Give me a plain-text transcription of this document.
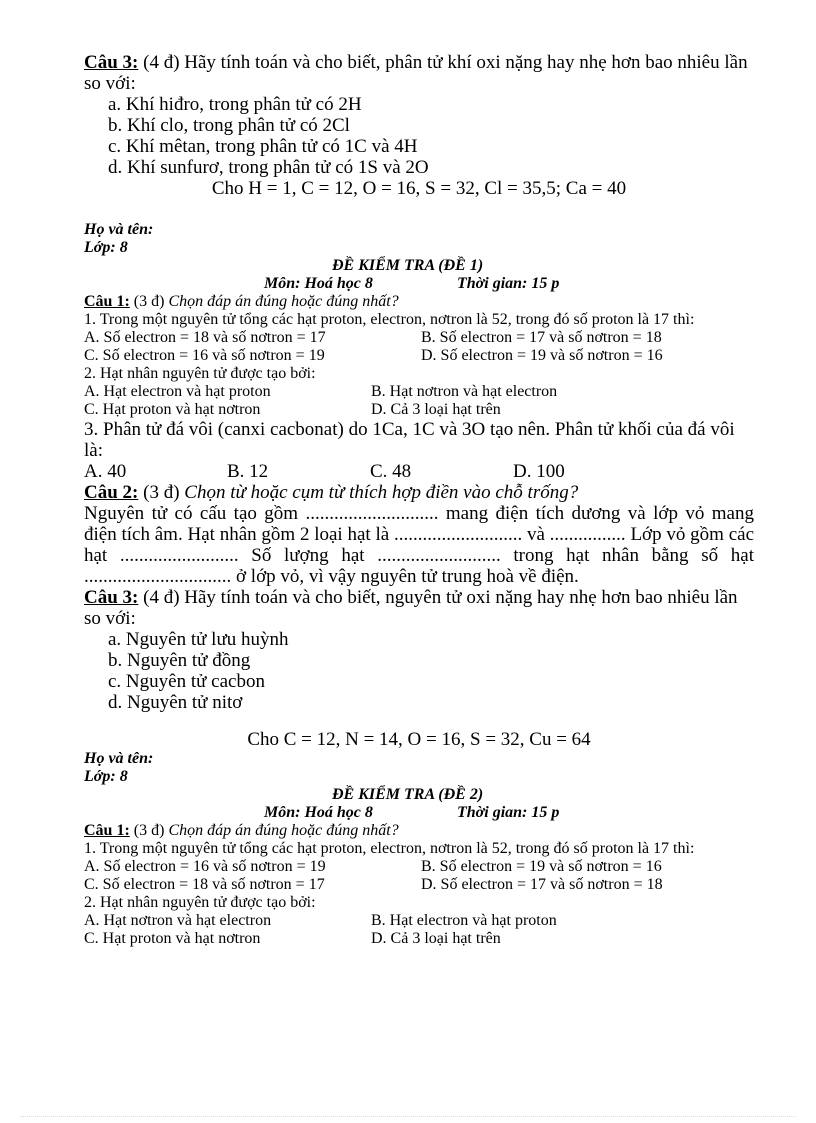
Câu 3: (4 đ) Hãy tính toán và cho biết, phân tử khí oxi nặng hay nhẹ hơn bao nhiêu lần so với:
a. Khí hiđro, trong phân tử có 2H
b. Khí clo, trong phân tử có 2Cl
c. Khí mêtan, trong phân tử có 1C và 4H
d. Khí sunfurơ, trong phân tử có 1S và 2O
Cho H = 1, C = 12, O = 16, S = 32, Cl = 35,5; Ca = 40
Họ và tên:
Lớp: 8
ĐỀ KIỂM TRA (ĐỀ 1)
Môn: Hoá học 8	Thời gian: 15 p
Câu 1: (3 đ) Chọn đáp án đúng hoặc đúng nhất?
1. Trong một nguyên tử tổng các hạt proton, electron, nơtron là 52, trong đó số proton là 17 thì:
A. Số electron = 18 và số nơtron = 17	B. Số electron = 17 và số nơtron = 18
C. Số electron = 16 và số nơtron = 19	D. Số electron = 19 và số nơtron = 16
2. Hạt nhân nguyên tử được tạo bởi:
A. Hạt electron và hạt proton	B. Hạt nơtron và hạt electron
C. Hạt proton và hạt nơtron	D. Cả 3 loại hạt trên
3. Phân tử đá vôi (canxi cacbonat) do 1Ca, 1C và 3O tạo nên. Phân tử khối của đá vôi là:
A. 40	B. 12	C. 48	D. 100
Câu 2: (3 đ) Chọn từ hoặc cụm từ thích hợp điền vào chỗ trống?
Nguyên tử có cấu tạo gồm ............................ mang điện tích dương và lớp vỏ mang điện tích âm. Hạt nhân gồm 2 loại hạt là ........................... và ................ Lớp vỏ gồm các hạt ......................... Số lượng hạt .......................... trong hạt nhân bằng số hạt ............................... ở lớp vỏ, vì vậy nguyên tử trung hoà về điện.
Câu 3: (4 đ) Hãy tính toán và cho biết, nguyên tử oxi nặng hay nhẹ hơn bao nhiêu lần so với:
a. Nguyên tử lưu huỳnh
b. Nguyên tử đồng
c. Nguyên tử cacbon
d. Nguyên tử nitơ
Cho C = 12, N = 14, O = 16, S = 32, Cu = 64
Họ và tên:
Lớp: 8
ĐỀ KIỂM TRA (ĐỀ 2)
Môn: Hoá học 8	Thời gian: 15 p
Câu 1: (3 đ) Chọn đáp án đúng hoặc đúng nhất?
1. Trong một nguyên tử tổng các hạt proton, electron, nơtron là 52, trong đó số proton là 17 thì:
A. Số electron = 16 và số nơtron = 19	B. Số electron = 19 và số nơtron = 16
C. Số electron = 18 và số nơtron = 17	D. Số electron = 17 và số nơtron = 18
2. Hạt nhân nguyên tử được tạo bởi:
A. Hạt nơtron và hạt electron	B. Hạt electron và hạt proton
C. Hạt proton và hạt nơtron	D. Cả 3 loại hạt trên
